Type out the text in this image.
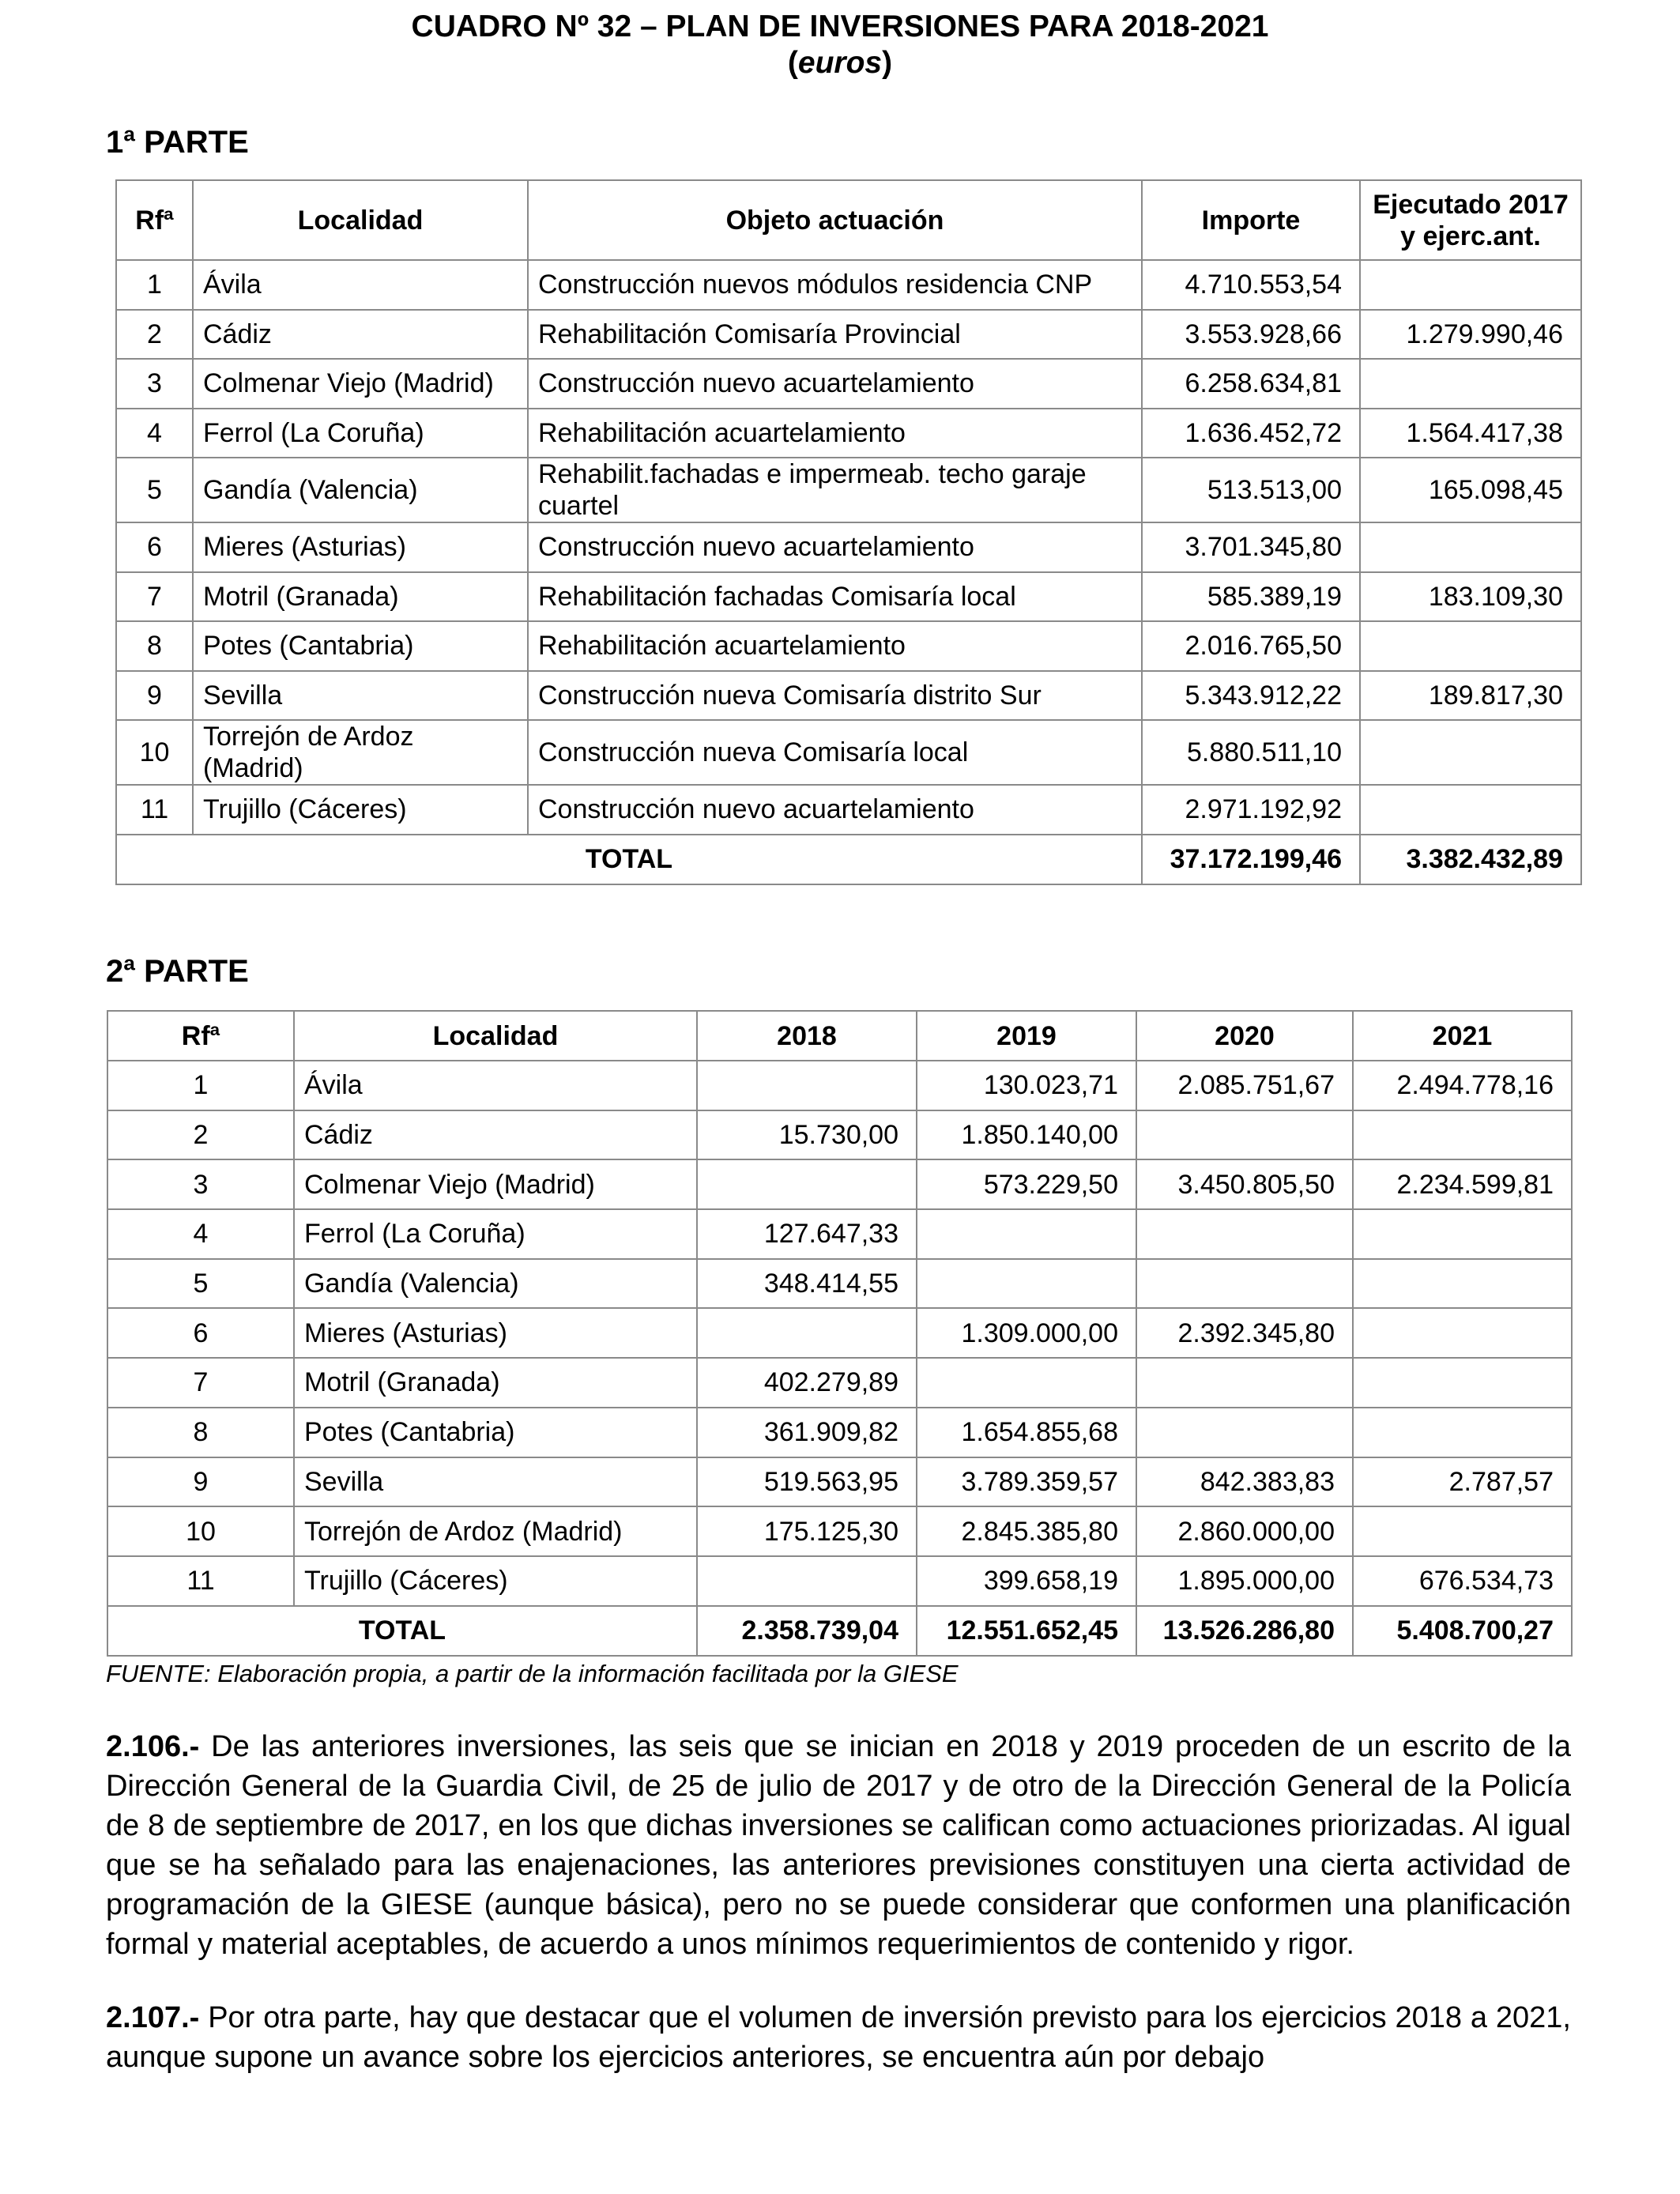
CUADRO Nº 32 – PLAN DE INVERSIONES PARA 2018-2021
(euros)
1ª PARTE
Rfª	Localidad	Objeto actuación	Importe	Ejecutado 2017 y ejerc.ant.
1	Ávila	Construcción nuevos módulos residencia CNP	4.710.553,54	
2	Cádiz	Rehabilitación Comisaría Provincial	3.553.928,66	1.279.990,46
3	Colmenar Viejo (Madrid)	Construcción nuevo acuartelamiento	6.258.634,81	
4	Ferrol (La Coruña)	Rehabilitación acuartelamiento	1.636.452,72	1.564.417,38
5	Gandía (Valencia)	Rehabilit.fachadas e impermeab. techo garaje cuartel	513.513,00	165.098,45
6	Mieres (Asturias)	Construcción nuevo acuartelamiento	3.701.345,80	
7	Motril (Granada)	Rehabilitación fachadas Comisaría local	585.389,19	183.109,30
8	Potes (Cantabria)	Rehabilitación acuartelamiento	2.016.765,50	
9	Sevilla	Construcción nueva Comisaría distrito Sur	5.343.912,22	189.817,30
10	Torrejón de Ardoz (Madrid)	Construcción nueva Comisaría local	5.880.511,10	
11	Trujillo (Cáceres)	Construcción nuevo acuartelamiento	2.971.192,92	
TOTAL			37.172.199,46	3.382.432,89
2ª PARTE
Rfª	Localidad	2018	2019	2020	2021
1	Ávila		130.023,71	2.085.751,67	2.494.778,16
2	Cádiz	15.730,00	1.850.140,00		
3	Colmenar Viejo (Madrid)		573.229,50	3.450.805,50	2.234.599,81
4	Ferrol (La Coruña)	127.647,33			
5	Gandía (Valencia)	348.414,55			
6	Mieres (Asturias)		1.309.000,00	2.392.345,80	
7	Motril (Granada)	402.279,89			
8	Potes (Cantabria)	361.909,82	1.654.855,68		
9	Sevilla	519.563,95	3.789.359,57	842.383,83	2.787,57
10	Torrejón de Ardoz (Madrid)	175.125,30	2.845.385,80	2.860.000,00	
11	Trujillo (Cáceres)		399.658,19	1.895.000,00	676.534,73
TOTAL		2.358.739,04	12.551.652,45	13.526.286,80	5.408.700,27
FUENTE: Elaboración propia, a partir de la información facilitada por la GIESE

2.106.- De las anteriores inversiones, las seis que se inician en 2018 y 2019 proceden de un escrito de la Dirección General de la Guardia Civil, de 25 de julio de 2017 y de otro de la Dirección General de la Policía de 8 de septiembre de 2017, en los que dichas inversiones se califican como actuaciones priorizadas. Al igual que se ha señalado para las enajenaciones, las anteriores previsiones constituyen una cierta actividad de programación de la GIESE (aunque básica), pero no se puede considerar que conformen una planificación formal y material aceptables, de acuerdo a unos mínimos requerimientos de contenido y rigor.

2.107.- Por otra parte, hay que destacar que el volumen de inversión previsto para los ejercicios 2018 a 2021, aunque supone un avance sobre los ejercicios anteriores, se encuentra aún por debajo
